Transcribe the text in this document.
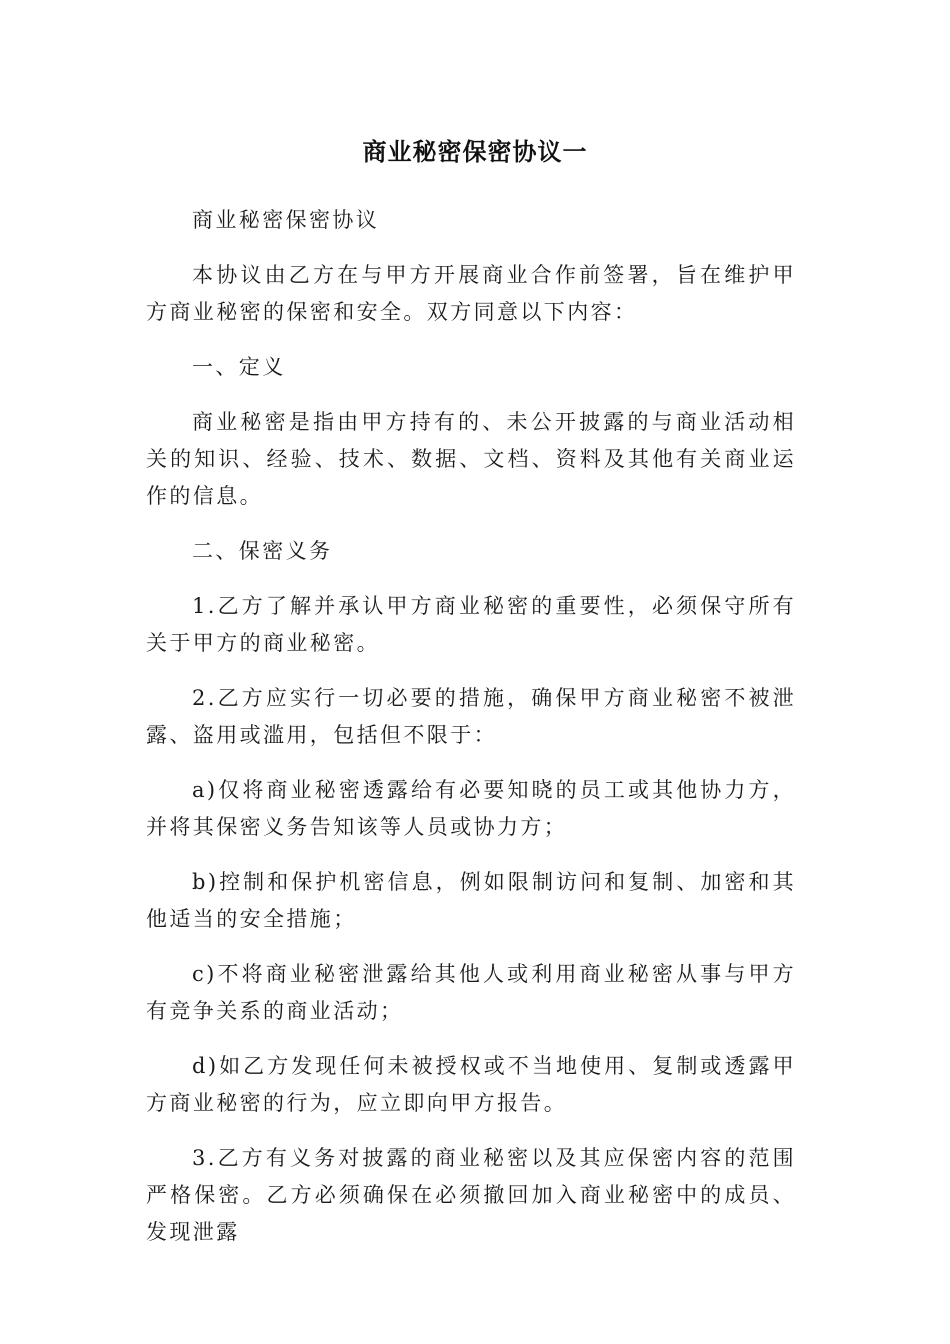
商业秘密保密协议一

商业秘密保密协议

本协议由乙方在与甲方开展商业合作前签署，旨在维护甲方商业秘密的保密和安全。双方同意以下内容：

一、定义

商业秘密是指由甲方持有的、未公开披露的与商业活动相关的知识、经验、技术、数据、文档、资料及其他有关商业运作的信息。

二、保密义务

1.乙方了解并承认甲方商业秘密的重要性，必须保守所有关于甲方的商业秘密。

2.乙方应实行一切必要的措施，确保甲方商业秘密不被泄露、盗用或滥用，包括但不限于：

a)仅将商业秘密透露给有必要知晓的员工或其他协力方，并将其保密义务告知该等人员或协力方；

b)控制和保护机密信息，例如限制访问和复制、加密和其他适当的安全措施；

c)不将商业秘密泄露给其他人或利用商业秘密从事与甲方有竞争关系的商业活动；

d)如乙方发现任何未被授权或不当地使用、复制或透露甲方商业秘密的行为，应立即向甲方报告。

3.乙方有义务对披露的商业秘密以及其应保密内容的范围严格保密。乙方必须确保在必须撤回加入商业秘密中的成员、发现泄露
